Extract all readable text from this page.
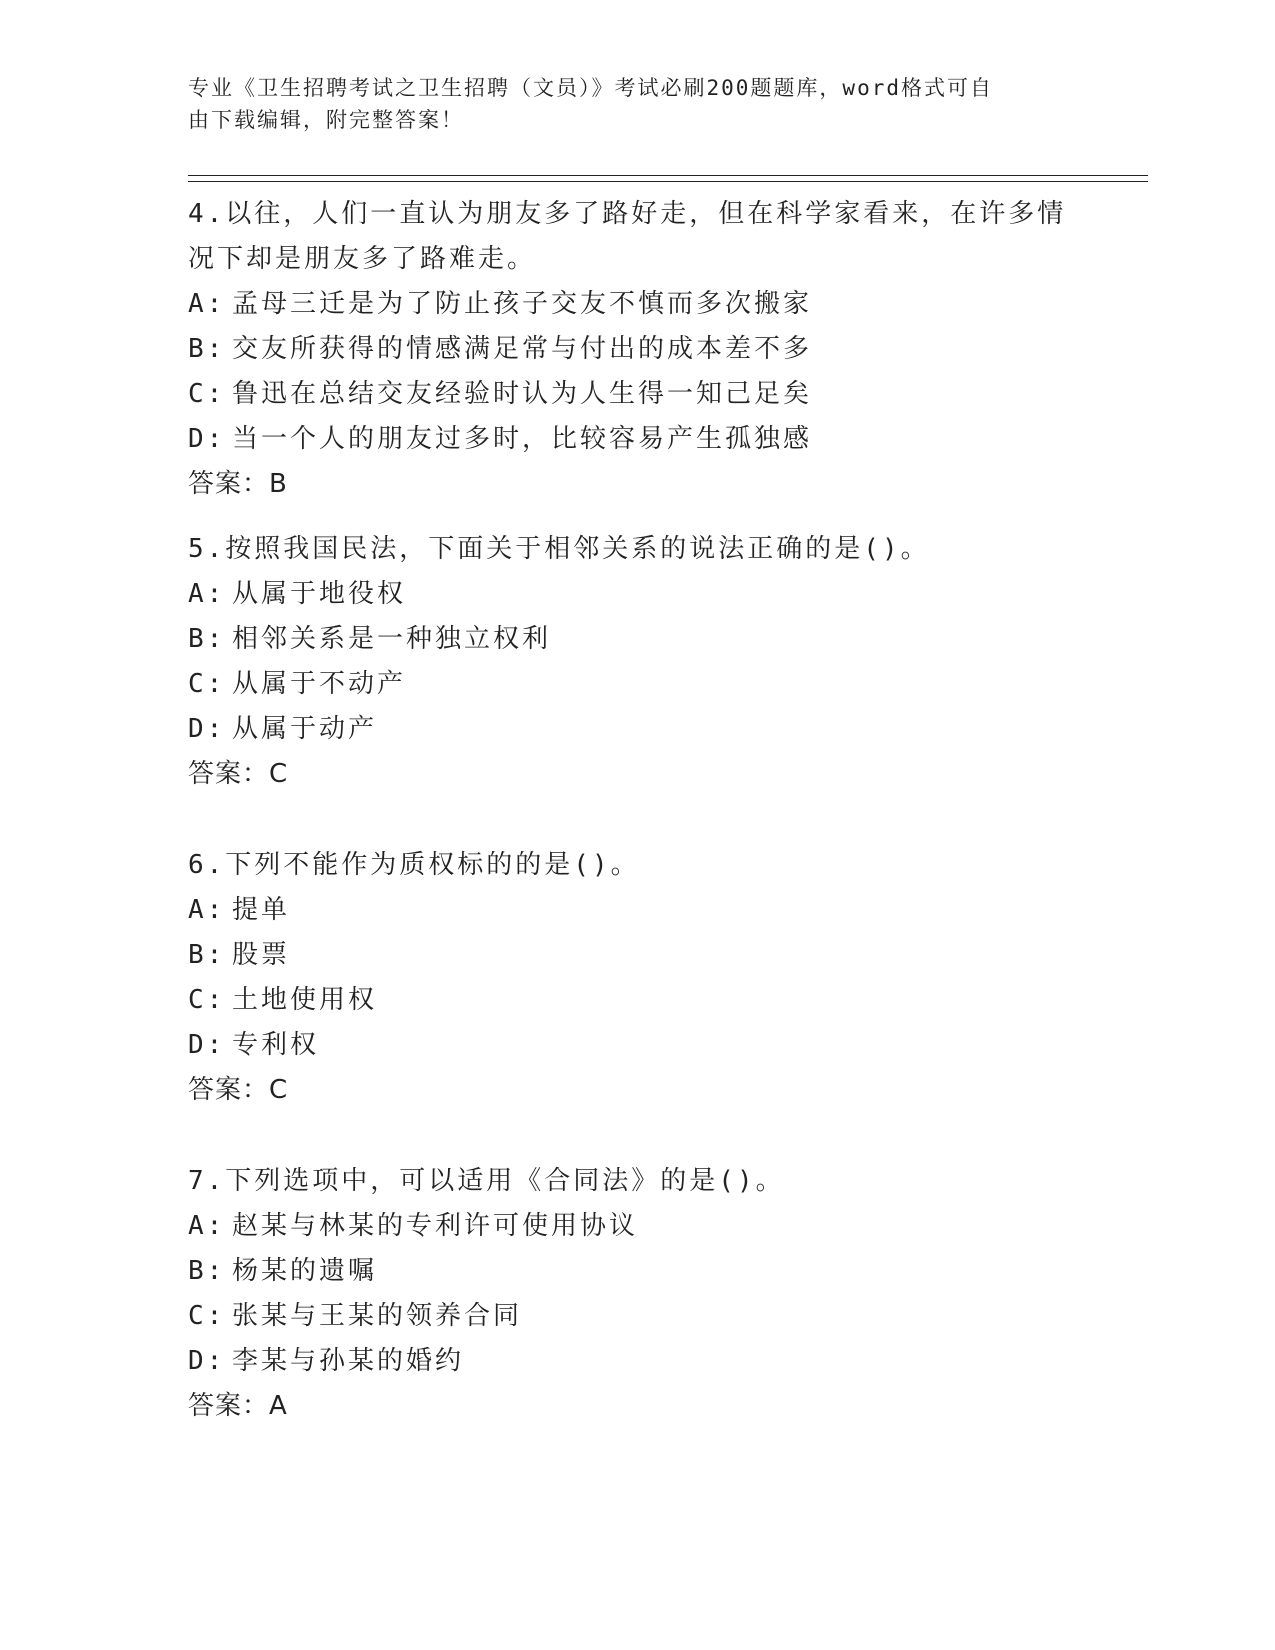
专业《卫生招聘考试之卫生招聘（文员）》考试必刷200题题库，word格式可自
由下载编辑，附完整答案！

4.以往，人们一直认为朋友多了路好走，但在科学家看来，在许多情

况下却是朋友多了路难走。

A: 孟母三迁是为了防止孩子交友不慎而多次搬家

B: 交友所获得的情感满足常与付出的成本差不多

C: 鲁迅在总结交友经验时认为人生得一知己足矣

D: 当一个人的朋友过多时，比较容易产生孤独感

答案：B

5.按照我国民法，下面关于相邻关系的说法正确的是()。

A: 从属于地役权

B: 相邻关系是一种独立权利

C: 从属于不动产

D: 从属于动产

答案：C

6.下列不能作为质权标的的是()。

A: 提单

B: 股票

C: 土地使用权

D: 专利权

答案：C

7.下列选项中，可以适用《合同法》的是()。

A: 赵某与林某的专利许可使用协议

B: 杨某的遗嘱

C: 张某与王某的领养合同

D: 李某与孙某的婚约

答案：A
